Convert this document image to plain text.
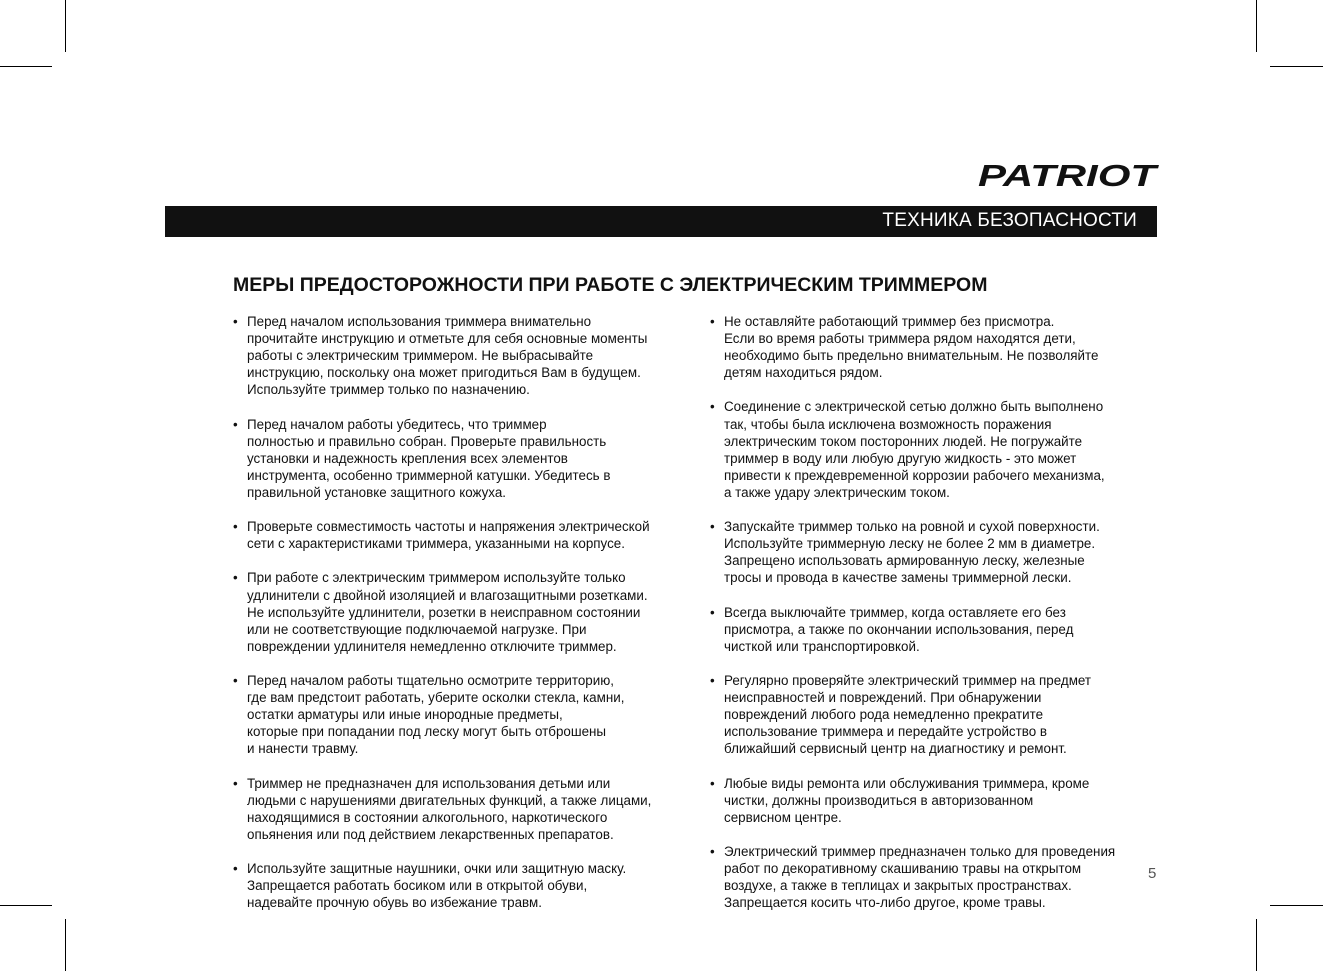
PATRIOT
ТЕХНИКА БЕЗОПАСНОСТИ
МЕРЫ ПРЕДОСТОРОЖНОСТИ ПРИ РАБОТЕ С ЭЛЕКТРИЧЕСКИМ ТРИММЕРОМ
• Перед началом использования триммера внимательно
прочитайте инструкцию и отметьте для себя основные моменты
работы с электрическим триммером. Не выбрасывайте
инструкцию, поскольку она может пригодиться Вам в будущем.
Используйте триммер только по назначению.
• Перед началом работы убедитесь, что триммер
полностью и правильно собран. Проверьте правильность
установки и надежность крепления всех элементов
инструмента, особенно триммерной катушки. Убедитесь в
правильной установке защитного кожуха.
• Проверьте совместимость частоты и напряжения электрической
сети с характеристиками триммера, указанными на корпусе.
• При работе с электрическим триммером используйте только
удлинители с двойной изоляцией и влагозащитными розетками.
Не используйте удлинители, розетки в неисправном состоянии
или не соответствующие подключаемой нагрузке. При
повреждении удлинителя немедленно отключите триммер.
• Перед началом работы тщательно осмотрите территорию,
где вам предстоит работать, уберите осколки стекла, камни,
остатки арматуры или иные инородные предметы,
которые при попадании под леску могут быть отброшены
и нанести травму.
• Триммер не предназначен для использования детьми или
людьми с нарушениями двигательных функций, а также лицами,
находящимися в состоянии алкогольного, наркотического
опьянения или под действием лекарственных препаратов.
• Используйте защитные наушники, очки или защитную маску.
Запрещается работать босиком или в открытой обуви,
надевайте прочную обувь во избежание травм.
• Не оставляйте работающий триммер без присмотра.
Если во время работы триммера рядом находятся дети,
необходимо быть предельно внимательным. Не позволяйте
детям находиться рядом.
• Соединение с электрической сетью должно быть выполнено
так, чтобы была исключена возможность поражения
электрическим током посторонних людей. Не погружайте
триммер в воду или любую другую жидкость - это может
привести к преждевременной коррозии рабочего механизма,
а также удару электрическим током.
• Запускайте триммер только на ровной и сухой поверхности.
Используйте триммерную леску не более 2 мм в диаметре.
Запрещено использовать армированную леску, железные
тросы и провода в качестве замены триммерной лески.
• Всегда выключайте триммер, когда оставляете его без
присмотра, а также по окончании использования, перед
чисткой или транспортировкой.
• Регулярно проверяйте электрический триммер на предмет
неисправностей и повреждений. При обнаружении
повреждений любого рода немедленно прекратите
использование триммера и передайте устройство в
ближайший сервисный центр на диагностику и ремонт.
• Любые виды ремонта или обслуживания триммера, кроме
чистки, должны производиться в авторизованном
сервисном центре.
• Электрический триммер предназначен только для проведения
работ по декоративному скашиванию травы на открытом
воздухе, а также в теплицах и закрытых пространствах.
Запрещается косить что-либо другое, кроме травы.
5
